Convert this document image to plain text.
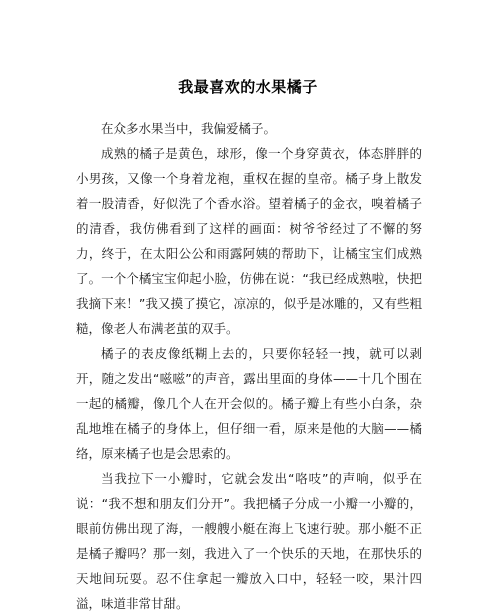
我最喜欢的水果橘子

在众多水果当中，我偏爱橘子。

成熟的橘子是黄色，球形，像一个身穿黄衣，体态胖胖的小男孩，又像一个身着龙袍，重权在握的皇帝。橘子身上散发着一股清香，好似洗了个香水浴。望着橘子的金衣，嗅着橘子的清香，我仿佛看到了这样的画面：树爷爷经过了不懈的努力，终于，在太阳公公和雨露阿姨的帮助下，让橘宝宝们成熟了。一个个橘宝宝仰起小脸，仿佛在说：“我已经成熟啦，快把我摘下来！”我又摸了摸它，凉凉的，似乎是冰雕的，又有些粗糙，像老人布满老茧的双手。

橘子的表皮像纸糊上去的，只要你轻轻一拽，就可以剥开，随之发出“嗞嗞”的声音，露出里面的身体——十几个围在一起的橘瓣，像几个人在开会似的。橘子瓣上有些小白条，杂乱地堆在橘子的身体上，但仔细一看，原来是他的大脑——橘络，原来橘子也是会思索的。

当我拉下一小瓣时，它就会发出“咯吱”的声响，似乎在说：“我不想和朋友们分开”。我把橘子分成一小瓣一小瓣的，眼前仿佛出现了海，一艘艘小艇在海上飞速行驶。那小艇不正是橘子瓣吗？那一刻，我进入了一个快乐的天地，在那快乐的天地间玩耍。忍不住拿起一瓣放入口中，轻轻一咬，果汁四溢，味道非常甘甜。
